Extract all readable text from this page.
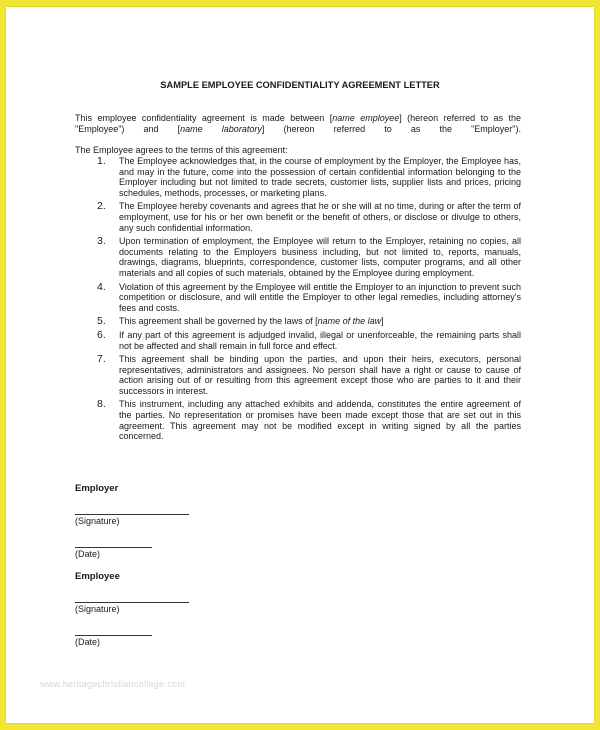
SAMPLE EMPLOYEE CONFIDENTIALITY AGREEMENT LETTER
This employee confidentiality agreement is made between [name employee] (hereon referred to as the "Employee") and [name laboratory] (hereon referred to as the "Employer").
The Employee agrees to the terms of this agreement:
1. The Employee acknowledges that, in the course of employment by the Employer, the Employee has, and may in the future, come into the possession of certain confidential information belonging to the Employer including but not limited to trade secrets, customer lists, supplier lists and prices, pricing schedules, methods, processes, or marketing plans.
2. The Employee hereby covenants and agrees that he or she will at no time, during or after the term of employment, use for his or her own benefit or the benefit of others, or disclose or divulge to others, any such confidential information.
3. Upon termination of employment, the Employee will return to the Employer, retaining no copies, all documents relating to the Employers business including, but not limited to, reports, manuals, drawings, diagrams, blueprints, correspondence, customer lists, computer programs, and all other materials and all copies of such materials, obtained by the Employee during employment.
4. Violation of this agreement by the Employee will entitle the Employer to an injunction to prevent such competition or disclosure, and will entitle the Employer to other legal remedies, including attorney's fees and costs.
5. This agreement shall be governed by the laws of [name of the law]
6. If any part of this agreement is adjudged invalid, illegal or unenforceable, the remaining parts shall not be affected and shall remain in full force and effect.
7. This agreement shall be binding upon the parties, and upon their heirs, executors, personal representatives, administrators and assignees. No person shall have a right or cause to cause of action arising out of or resulting from this agreement except those who are parties to it and their successors in interest.
8. This instrument, including any attached exhibits and addenda, constitutes the entire agreement of the parties. No representation or promises have been made except those that are set out in this agreement. This agreement may not be modified except in writing signed by all the parties concerned.
Employer
(Signature)
(Date)
Employee
(Signature)
(Date)
www.heritagechristiancollege.com
